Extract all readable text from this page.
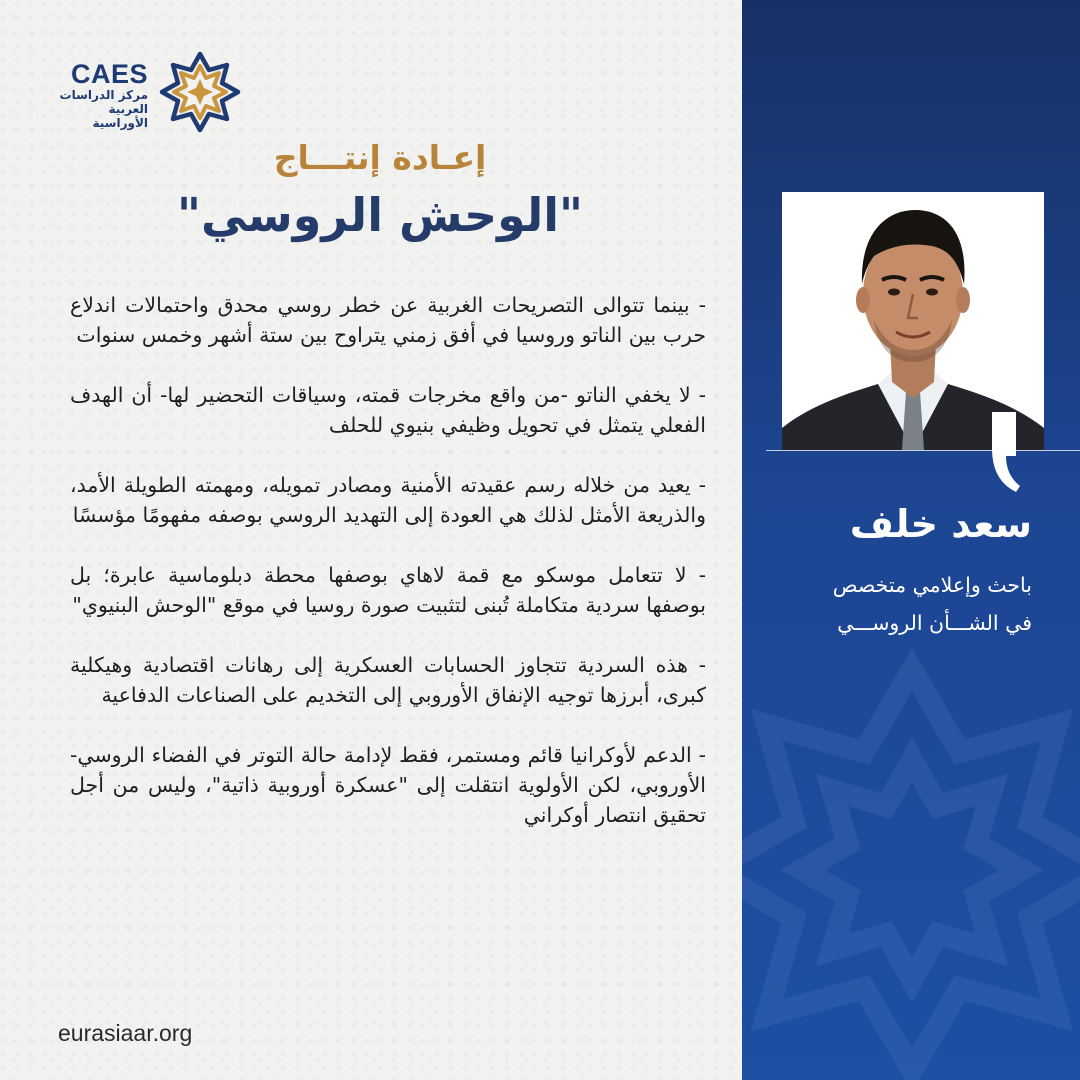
CAES
مركز الدراسات
العربية الأوراسية
إعـادة إنتـــاج
"الوحش الروسي"

- بينما تتوالى التصريحات الغربية عن خطر روسي محدق واحتمالات اندلاع حرب بين الناتو وروسيا في أفق زمني يتراوح بين ستة أشهر وخمس سنوات

- لا يخفي الناتو -من واقع مخرجات قمته، وسياقات التحضير لها- أن الهدف الفعلي يتمثل في تحويل وظيفي بنيوي للحلف

- يعيد من خلاله رسم عقيدته الأمنية ومصادر تمويله، ومهمته الطويلة الأمد، والذريعة الأمثل لذلك هي العودة إلى التهديد الروسي بوصفه مفهومًا مؤسسًا

- لا تتعامل موسكو مع قمة لاهاي بوصفها محطة دبلوماسية عابرة؛ بل بوصفها سردية متكاملة تُبنى لتثبيت صورة روسيا في موقع "الوحش البنيوي"

- هذه السردية تتجاوز الحسابات العسكرية إلى رهانات اقتصادية وهيكلية كبرى، أبرزها توجيه الإنفاق الأوروبي إلى التخديم على الصناعات الدفاعية

- الدعم لأوكرانيا قائم ومستمر، فقط لإدامة حالة التوتر في الفضاء الروسي- الأوروبي، لكن الأولوية انتقلت إلى "عسكرة أوروبية ذاتية"، وليس من أجل تحقيق انتصار أوكراني

eurasiaar.org
سعد خلف
باحث وإعلامي متخصص
في الشـــأن الروســـي
